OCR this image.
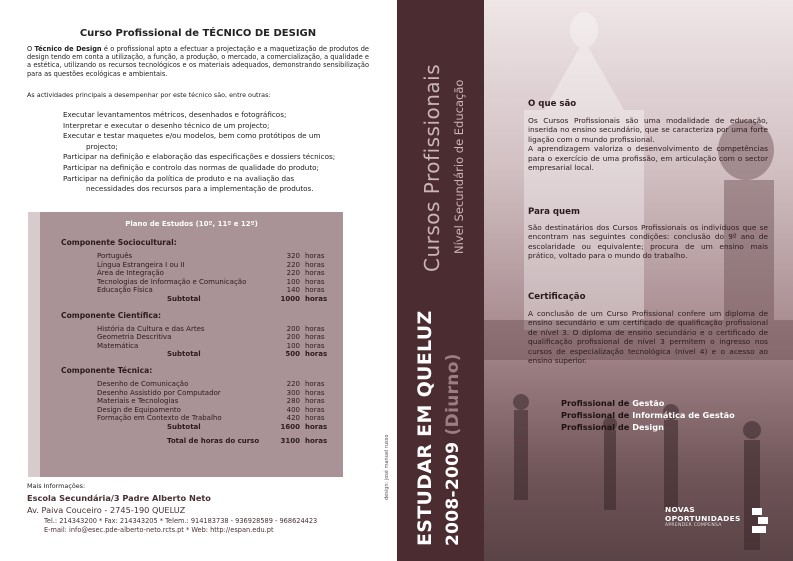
Curso Profissional de TÉCNICO DE DESIGN
O Técnico de Design é o profissional apto a efectuar a projectação e a maquetização de produtos de design tendo em conta a utilização, a função, a produção, o mercado, a comercialização, a qualidade e a estética, utilizando os recursos tecnológicos e os materiais adequados, demonstrando sensibilização para as questões ecológicas e ambientais.
As actividades principais a desempenhar por este técnico são, entre outras:
Executar levantamentos métricos, desenhados e fotográficos;
Interpretar e executar o desenho técnico de um projecto;
Executar e testar maquetes e/ou modelos, bem como protótipos de um
projecto;
Participar na definição e elaboração das especificações e dossiers técnicos;
Participar na definição e controlo das normas de qualidade do produto;
Participar na definição da política de produto e na avaliação das
necessidades dos recursos para a implementação de produtos.
Plano de Estudos (10º, 11º e 12º)
Componente Sociocultural:
Português	320 horas
Língua Estrangeira I ou II	220 horas
Área de Integração	220 horas
Tecnologias de Informação e Comunicação	100 horas
Educação Física	140 horas
Subtotal	1000 horas
Componente Científica:
História da Cultura e das Artes	200 horas
Geometria Descritiva	200 horas
Matemática	100 horas
Subtotal	500 horas
Componente Técnica:
Desenho de Comunicação	220 horas
Desenho Assistido por Computador	300 horas
Materiais e Tecnologias	280 horas
Design de Equipamento	400 horas
Formação em Contexto de Trabalho	420 horas
Subtotal	1600 horas
Total de horas do curso	3100 horas
Mais Informações:
Escola Secundária/3 Padre Alberto Neto
Av. Paiva Couceiro - 2745-190 QUELUZ
Tel.: 214343200 * Fax: 214343205 * Telem.: 914183738 - 936928589 - 968624423
E-mail: info@esec.pde-alberto-neto.rcts.pt * Web: http://espan.edu.pt
design: josé manuel russo
Cursos Profissionais Nível Secundário de Educação
ESTUDAR EM QUELUZ 2008-2009 (Diurno)
O que são
Os Cursos Profissionais são uma modalidade de educação, inserida no ensino secundário, que se caracteriza por uma forte ligação com o mundo profissional.
A aprendizagem valoriza o desenvolvimento de competências para o exercício de uma profissão, em articulação com o sector empresarial local.
Para quem
São destinatários dos Cursos Profissionais os indivíduos que se encontram nas seguintes condições: conclusão do 9º ano de escolaridade ou equivalente; procura de um ensino mais prático, voltado para o mundo do trabalho.
Certificação
A conclusão de um Curso Profissional confere um diploma de ensino secundário e um certificado de qualificação profissional de nível 3. O diploma de ensino secundário e o certificado de qualificação profissional de nível 3 permitem o ingresso nos cursos de especialização tecnológica (nível 4) e o acesso ao ensino superior.
Profissional de Gestão
Profissional de Informática de Gestão
Profissional de Design
NOVAS
OPORTUNIDADES
APRENDER COMPENSA
